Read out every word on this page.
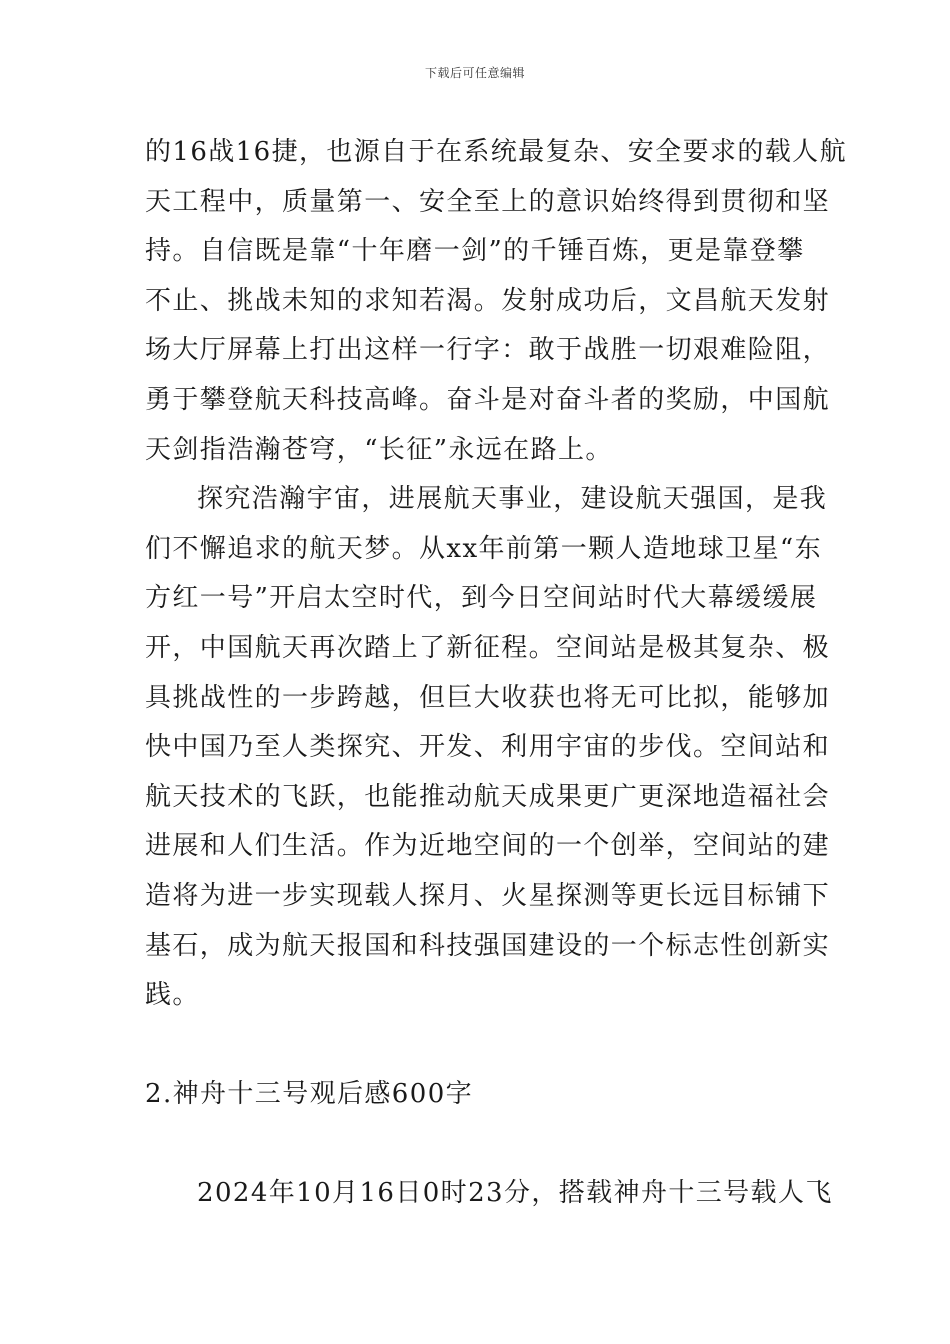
下载后可任意编辑
的16战16捷，也源自于在系统最复杂、安全要求的载人航
天工程中，质量第一、安全至上的意识始终得到贯彻和坚
持。自信既是靠“十年磨一剑”的千锤百炼，更是靠登攀
不止、挑战未知的求知若渴。发射成功后，文昌航天发射
场大厅屏幕上打出这样一行字：敢于战胜一切艰难险阻，
勇于攀登航天科技高峰。奋斗是对奋斗者的奖励，中国航
天剑指浩瀚苍穹，“长征”永远在路上。
探究浩瀚宇宙，进展航天事业，建设航天强国，是我
们不懈追求的航天梦。从xx年前第一颗人造地球卫星“东
方红一号”开启太空时代，到今日空间站时代大幕缓缓展
开，中国航天再次踏上了新征程。空间站是极其复杂、极
具挑战性的一步跨越，但巨大收获也将无可比拟，能够加
快中国乃至人类探究、开发、利用宇宙的步伐。空间站和
航天技术的飞跃，也能推动航天成果更广更深地造福社会
进展和人们生活。作为近地空间的一个创举，空间站的建
造将为进一步实现载人探月、火星探测等更长远目标铺下
基石，成为航天报国和科技强国建设的一个标志性创新实
践。
2.神舟十三号观后感600字
2024年10月16日0时23分，搭载神舟十三号载人飞
